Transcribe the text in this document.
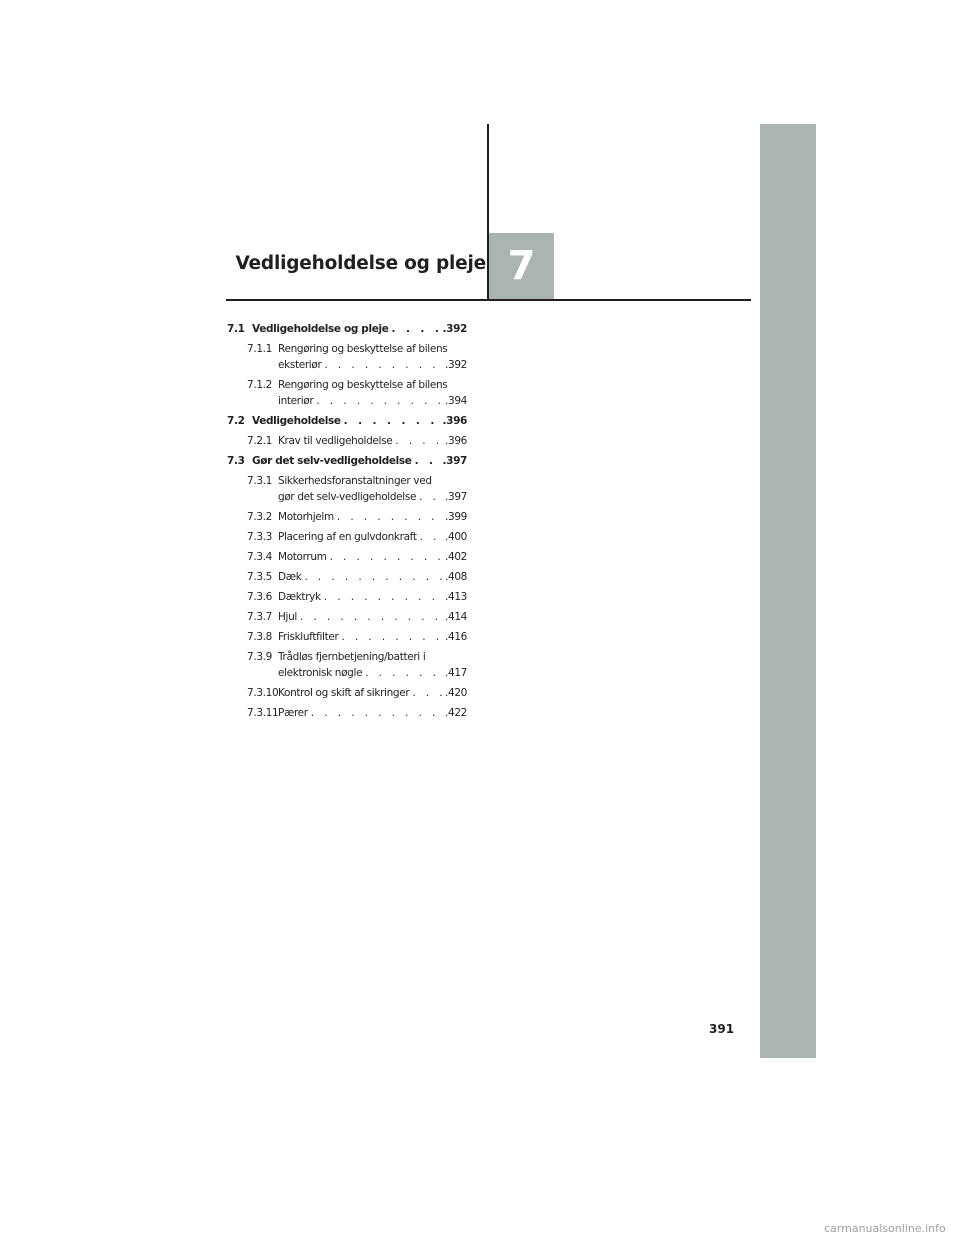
Vedligeholdelse og pleje 7
7.1 Vedligeholdelse og pleje . . .	.392
7.1.1 Rengøring og beskyttelse af bilens
eksteriør . . .	.392
7.1.2 Rengøring og beskyttelse af bilens
interiør . . .	.394
7.2 Vedligeholdelse . . .	.396
7.2.1 Krav til vedligeholdelse . . .	.396
7.3 Gør det selv-vedligeholdelse . . .	.397
7.3.1 Sikkerhedsforanstaltninger ved
gør det selv-vedligeholdelse . . .	.397
7.3.2 Motorhjelm . . .	.399
7.3.3 Placering af en gulvdonkraft . . .	.400
7.3.4 Motorrum . . .	.402
7.3.5 Dæk . . .	.408
7.3.6 Dæktryk . . .	.413
7.3.7 Hjul . . .	.414
7.3.8 Friskluftfilter . . .	.416
7.3.9 Trådløs fjernbetjening/batteri i
elektronisk nøgle . . .	.417
7.3.10 Kontrol og skift af sikringer . . .	.420
7.3.11 Pærer . . .	.422
391
carmanualsonline.info
